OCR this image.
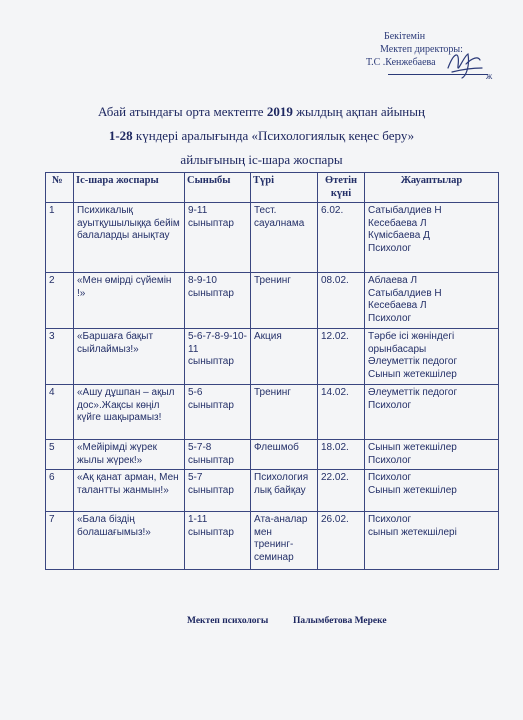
Бекітемін
Мектеп директоры:
Т.С .Кенжебаева
ж
Абай атындағы орта мектепте 2019 жылдың ақпан айының
1-28 күндері аралығында «Психологиялық кеңес беру»
айлығының іс-шара жоспары
№	Іс-шара жоспары	Сыныбы	Түрі	Өтетін күні	Жауаптылар
1	Психикалық ауытқушылыққа бейім балаларды анықтау	9-11 сыныптар	Тест. сауалнама	6.02.	Сатыбалдиев Н
Кесебаева Л
Күмісбаева Д
Психолог
2	«Мен өмірді сүйемін !»	8-9-10 сыныптар	Тренинг	08.02.	Аблаева Л
Сатыбалдиев Н
Кесебаева Л
Психолог
3	«Баршаға бақыт сыйлаймыз!»	5-6-7-8-9-10-11 сыныптар	Акция	12.02.	Тәрбе ісі жөніндегі орынбасары
Әлеуметтік педогог
Сынып жетекшілер
4	«Ашу дұшпан – ақыл дос».Жақсы көңіл күйге шақырамыз!	5-6 сыныптар	Тренинг	14.02.	Әлеуметтік педогог
Психолог
5	«Мейірімді жүрек жылы жүрек!»	5-7-8 сыныптар	Флешмоб	18.02.	Сынып жетекшілер
Психолог
6	«Ақ қанат арман, Мен талантты жанмын!»	5-7 сыныптар	Психология лық байқау	22.02.	Психолог
Сынып жетекшілер
7	«Бала біздің болашағымыз!»	1-11 сыныптар	Ата-аналар мен тренинг-семинар	26.02.	Психолог
сынып жетекшілері
Мектеп психологы	Палымбетова Мереке
